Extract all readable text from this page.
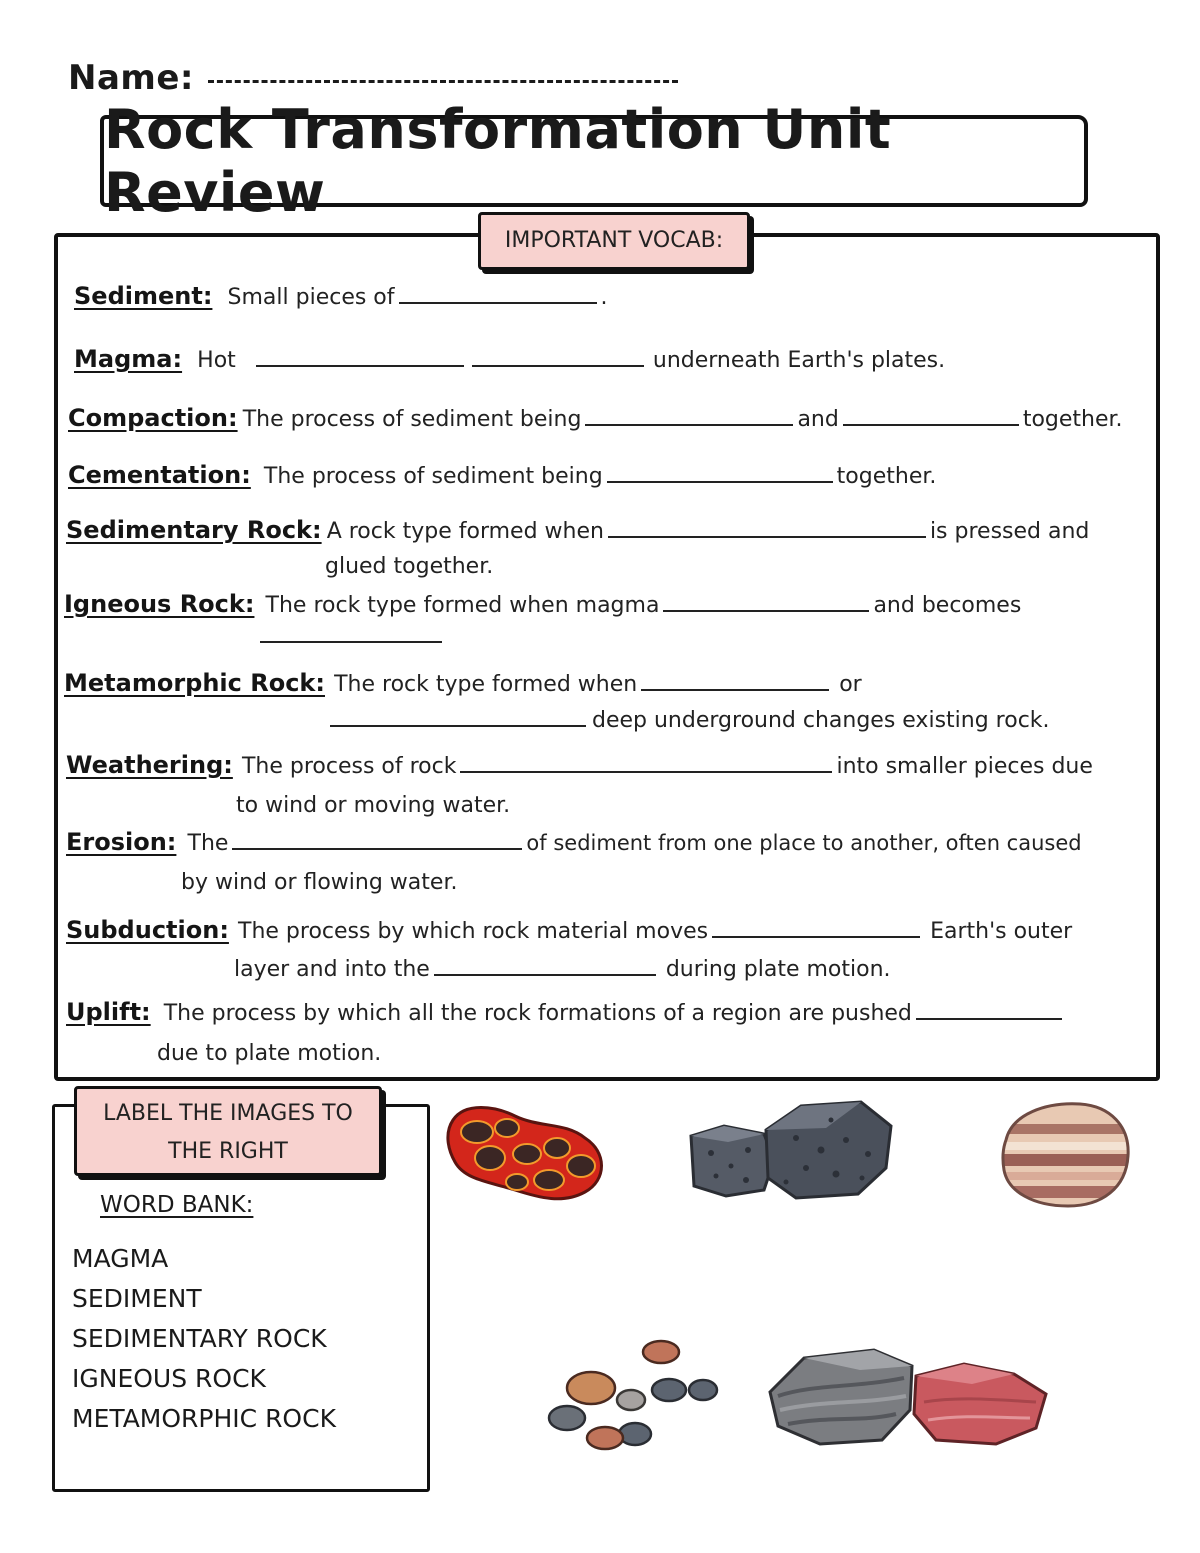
Name:
Rock Transformation Unit Review
IMPORTANT VOCAB:
Sediment: Small pieces of	.
Magma: Hot	underneath Earth's plates.
Compaction: The process of sediment being	and	together.
Cementation: The process of sediment being	together.
Sedimentary Rock: A rock type formed when	is pressed and
glued together.
Igneous Rock: The rock type formed when magma	and becomes
Metamorphic Rock: The rock type formed when	or
deep underground changes existing rock.
Weathering: The process of rock	into smaller pieces due
to wind or moving water.
Erosion: The	of sediment from one place to another, often caused
by wind or flowing water.
Subduction: The process by which rock material moves	Earth's outer
layer and into the	during plate motion.
Uplift: The process by which all the rock formations of a region are pushed
due to plate motion.
LABEL THE IMAGES TO
THE RIGHT
WORD BANK:
MAGMA
SEDIMENT
SEDIMENTARY ROCK
IGNEOUS ROCK
METAMORPHIC ROCK
